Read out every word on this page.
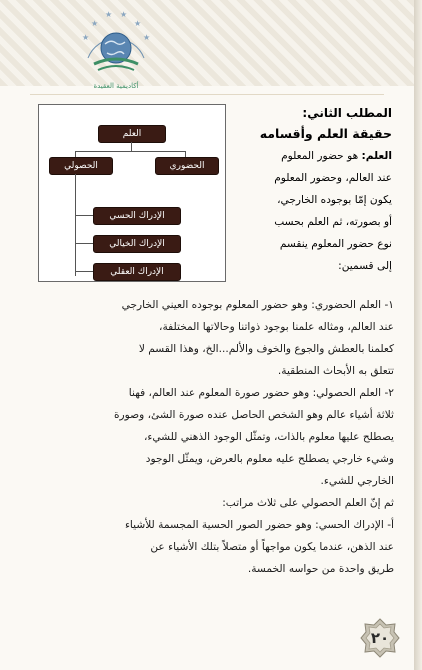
★
★
★ ★
★
★
أكاديمية العقيدة
العلم
الحصولي	الحضوري
الإدراك الحسي
الإدراك الخيالي
الإدراك العقلي
المطلب الثاني:
حقيقة العلم وأقسامه
العلم: هو حضور المعلوم
عند العالم، وحضور المعلوم
يكون إمّا بوجوده الخارجي،
أو بصورته، ثم العلم بحسب
نوع حضور المعلوم ينقسم
إلى قسمين:
١- العلم الحضوري: وهو حضور المعلوم بوجوده العيني الخارجي
عند العالم، ومثاله علمنا بوجود ذواتنا وحالاتها المختلفة،
كعلمنا بالعطش والجوع والخوف والألم...الخ، وهذا القسم لا
تتعلق به الأبحاث المنطقية.
٢- العلم الحصولي: وهو حضور صورة المعلوم عند العالم، فهنا
ثلاثة أشياء عالم وهو الشخص الحاصل عنده صورة الشئ، وصورة
يصطلح عليها معلوم بالذات، وتمثّل الوجود الذهني للشيء،
وشيء خارجي يصطلح عليه معلوم بالعرض، ويمثّل الوجود
الخارجي للشيء.
ثم إنّ العلم الحصولي على ثلاث مراتب:
أ- الإدراك الحسي: وهو حضور الصور الحسية المجسمة للأشياء
عند الذهن، عندما يكون مواجهاً أو متصلاً بتلك الأشياء عن
طريق واحدة من حواسه الخمسة.
٢٠
